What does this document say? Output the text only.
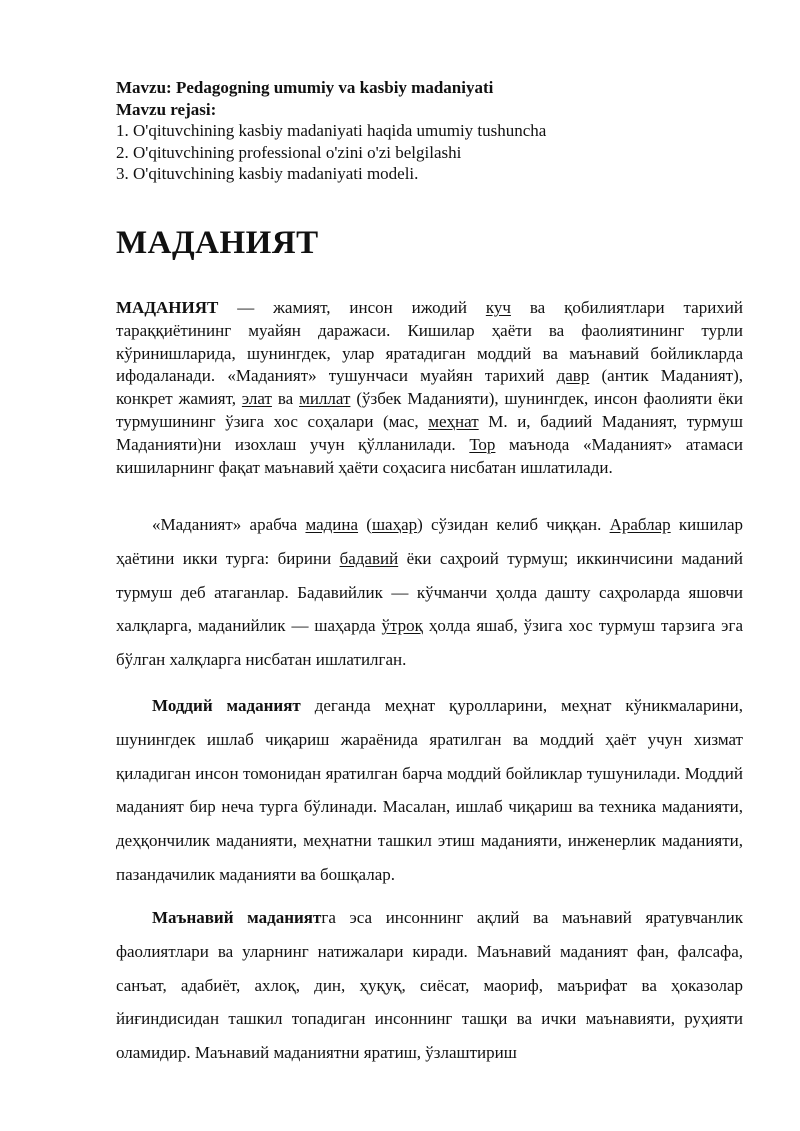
Mavzu: Pedagogning umumiy va kasbiy madaniyati
Mavzu rejasi:
1. O'qituvchining kasbiy madaniyati haqida umumiy tushuncha
2. O'qituvchining professional o'zini o'zi belgilashi
3. O'qituvchining kasbiy madaniyati modeli.
МАДАНИЯТ

МАДАНИЯТ — жамият, инсон ижодий куч ва қобилиятлари тарихий тараққиётининг муайян даражаси. Кишилар ҳаёти ва фаолиятининг турли кўринишларида, шунингдек, улар яратадиган моддий ва маънавий бойликларда ифодаланади. «Маданият» тушунчаси муайян тарихий давр (антик Маданият), конкрет жамият, элат ва миллат (ўзбек Маданияти), шунингдек, инсон фаолияти ёки турмушининг ўзига хос соҳалари (мас, меҳнат М. и, бадиий Маданият, турмуш Маданияти)ни изохлаш учун қўлланилади. Тор маънода «Маданият» атамаси кишиларнинг фақат маънавий ҳаёти соҳасига нисбатан ишлатилади.

«Маданият» арабча мадина (шаҳар) сўзидан келиб чиққан. Араблар кишилар ҳаётини икки турга: бирини бадавий ёки саҳроий турмуш; иккинчисини маданий турмуш деб атаганлар. Бадавийлик — кўчманчи ҳолда дашту саҳроларда яшовчи халқларга, маданийлик — шаҳарда ўтроқ ҳолда яшаб, ўзига хос турмуш тарзига эга бўлган халқларга нисбатан ишлатилган.

Моддий маданият деганда меҳнат қуролларини, меҳнат кўникмаларини, шунингдек ишлаб чиқариш жараёнида яратилган ва моддий ҳаёт учун хизмат қиладиган инсон томонидан яратилган барча моддий бойликлар тушунилади. Моддий маданият бир неча турга бўлинади. Масалан, ишлаб чиқариш ва техника маданияти, деҳқончилик маданияти, меҳнатни ташкил этиш маданияти, инженерлик маданияти, пазандачилик маданияти ва бошқалар.

Маънавий маданиятга эса инсоннинг ақлий ва маънавий яратувчанлик фаолиятлари ва уларнинг натижалари киради. Маънавий маданият фан, фалсафа, санъат, адабиёт, ахлоқ, дин, ҳуқуқ, сиёсат, маориф, маърифат ва ҳоказолар йиғиндисидан ташкил топадиган инсоннинг ташқи ва ички маънавияти, руҳияти оламидир. Маънавий маданиятни яратиш, ўзлаштириш
